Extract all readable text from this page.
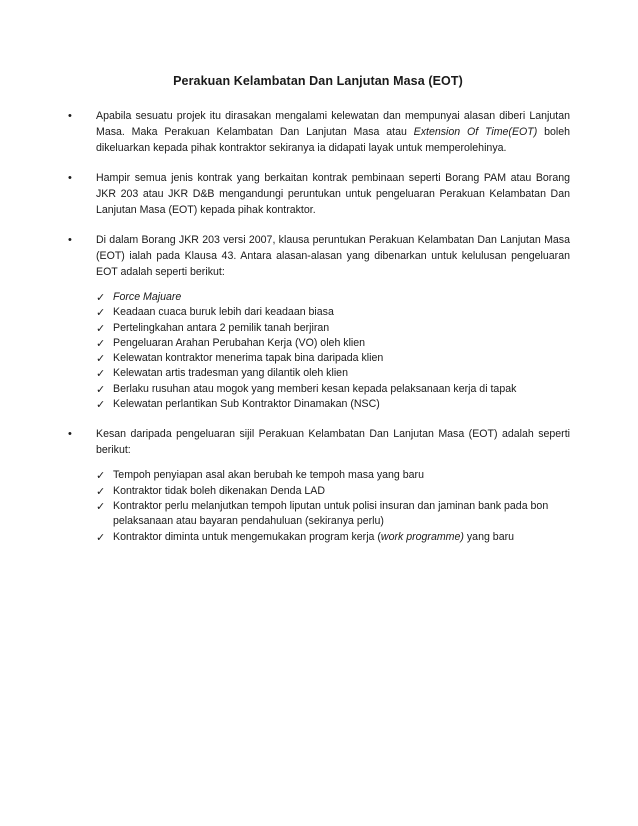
Perakuan Kelambatan Dan Lanjutan Masa (EOT)
• Apabila sesuatu projek itu dirasakan mengalami kelewatan dan mempunyai alasan diberi Lanjutan Masa. Maka Perakuan Kelambatan Dan Lanjutan Masa atau Extension Of Time(EOT) boleh dikeluarkan kepada pihak kontraktor sekiranya ia didapati layak untuk memperolehinya.

• Hampir semua jenis kontrak yang berkaitan kontrak pembinaan seperti Borang PAM atau Borang JKR 203 atau JKR D&B mengandungi peruntukan untuk pengeluaran Perakuan Kelambatan Dan Lanjutan Masa (EOT) kepada pihak kontraktor.

• Di dalam Borang JKR 203 versi 2007, klausa peruntukan Perakuan Kelambatan Dan Lanjutan Masa (EOT) ialah pada Klausa 43. Antara alasan-alasan yang dibenarkan untuk kelulusan pengeluaran EOT adalah seperti berikut:

✓ Force Majuare
✓ Keadaan cuaca buruk lebih dari keadaan biasa
✓ Pertelingkahan antara 2 pemilik tanah berjiran
✓ Pengeluaran Arahan Perubahan Kerja (VO) oleh klien
✓ Kelewatan kontraktor menerima tapak bina daripada klien
✓ Kelewatan artis tradesman yang dilantik oleh klien
✓ Berlaku rusuhan atau mogok yang memberi kesan kepada pelaksanaan kerja di tapak
✓ Kelewatan perlantikan Sub Kontraktor Dinamakan (NSC)
• Kesan daripada pengeluaran sijil Perakuan Kelambatan Dan Lanjutan Masa (EOT) adalah seperti berikut:

✓ Tempoh penyiapan asal akan berubah ke tempoh masa yang baru
✓ Kontraktor tidak boleh dikenakan Denda LAD
✓ Kontraktor perlu melanjutkan tempoh liputan untuk polisi insuran dan jaminan bank pada bon pelaksanaan atau bayaran pendahuluan (sekiranya perlu)
✓ Kontraktor diminta untuk mengemukakan program kerja (work programme) yang baru
